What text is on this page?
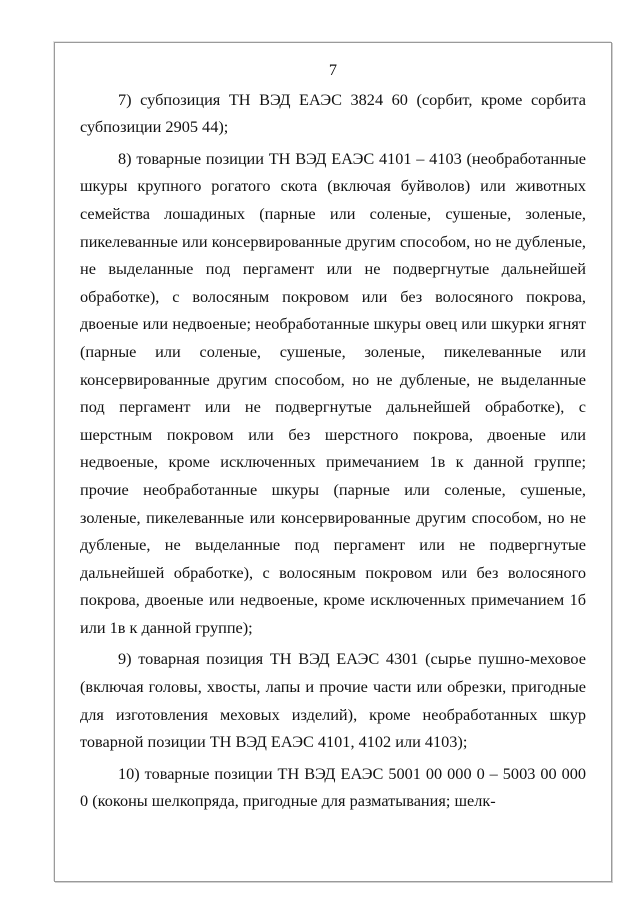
7

7) субпозиция ТН ВЭД ЕАЭС 3824 60 (сорбит, кроме сорбита субпозиции 2905 44);

8) товарные позиции ТН ВЭД ЕАЭС 4101 – 4103 (необработанные шкуры крупного рогатого скота (включая буйволов) или животных семейства лошадиных (парные или соленые, сушеные, золеные, пикелеванные или консервированные другим способом, но не дубленые, не выделанные под пергамент или не подвергнутые дальнейшей обработке), с волосяным покровом или без волосяного покрова, двоеные или недвоеные; необработанные шкуры овец или шкурки ягнят (парные или соленые, сушеные, золеные, пикелеванные или консервированные другим способом, но не дубленые, не выделанные под пергамент или не подвергнутые дальнейшей обработке), с шерстным покровом или без шерстного покрова, двоеные или недвоеные, кроме исключенных примечанием 1в к данной группе; прочие необработанные шкуры (парные или соленые, сушеные, золеные, пикелеванные или консервированные другим способом, но не дубленые, не выделанные под пергамент или не подвергнутые дальнейшей обработке), с волосяным покровом или без волосяного покрова, двоеные или недвоеные, кроме исключенных примечанием 1б или 1в к данной группе);

9) товарная позиция ТН ВЭД ЕАЭС 4301 (сырье пушно-меховое (включая головы, хвосты, лапы и прочие части или обрезки, пригодные для изготовления меховых изделий), кроме необработанных шкур товарной позиции ТН ВЭД ЕАЭС 4101, 4102 или 4103);

10) товарные позиции ТН ВЭД ЕАЭС 5001 00 000 0 – 5003 00 000 0 (коконы шелкопряда, пригодные для разматывания; шелк-
